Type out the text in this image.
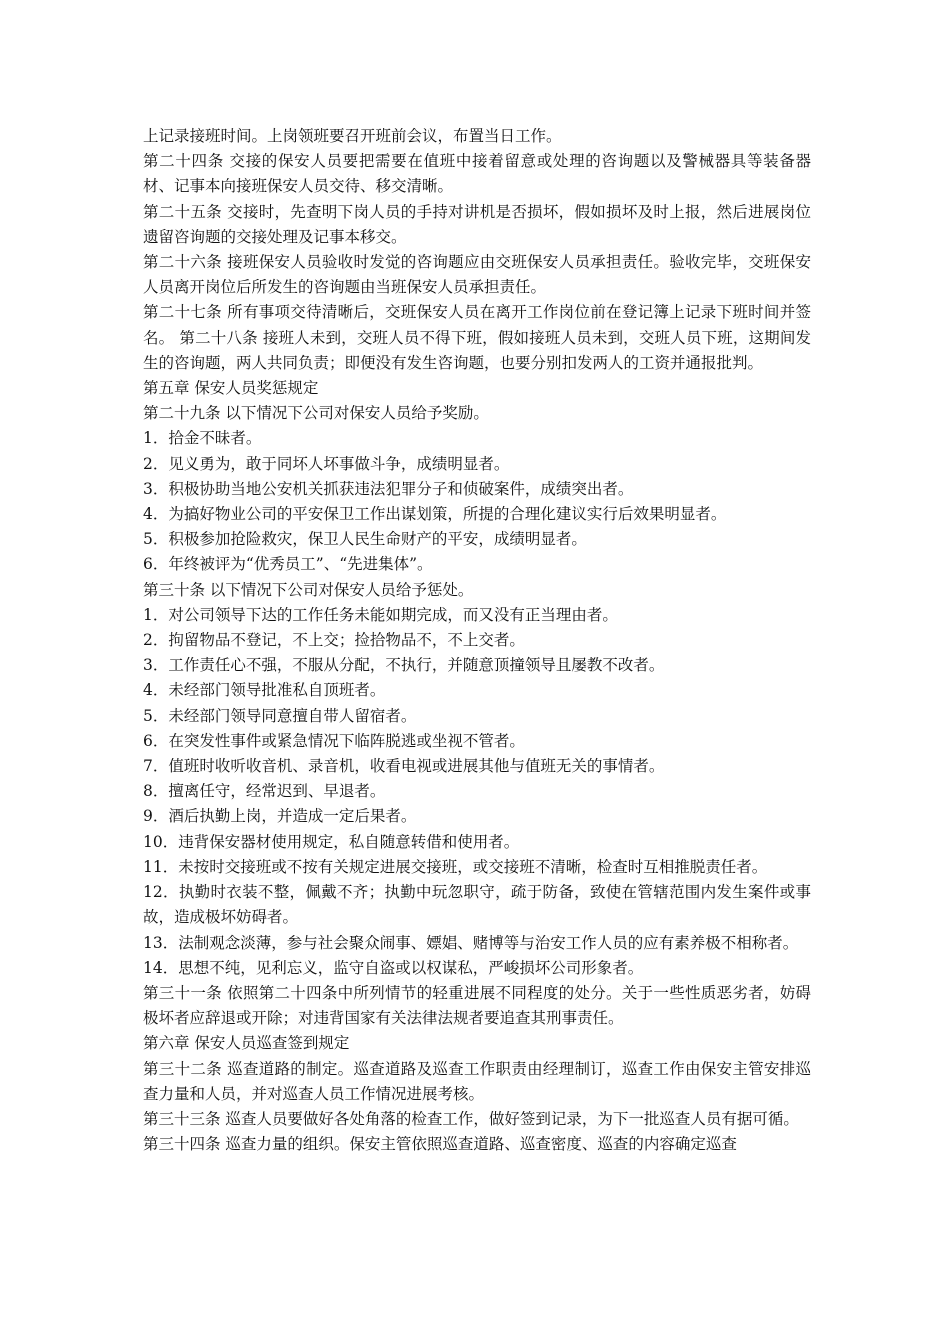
上记录接班时间。上岗领班要召开班前会议，布置当日工作。
第二十四条 交接的保安人员要把需要在值班中接着留意或处理的咨询题以及警械器具等装备器材、记事本向接班保安人员交待、移交清晰。
第二十五条 交接时，先查明下岗人员的手持对讲机是否损坏，假如损坏及时上报，然后进展岗位遗留咨询题的交接处理及记事本移交。
第二十六条 接班保安人员验收时发觉的咨询题应由交班保安人员承担责任。验收完毕，交班保安人员离开岗位后所发生的咨询题由当班保安人员承担责任。
第二十七条 所有事项交待清晰后，交班保安人员在离开工作岗位前在登记簿上记录下班时间并签名。 第二十八条 接班人未到，交班人员不得下班，假如接班人员未到，交班人员下班，这期间发生的咨询题，两人共同负责；即便没有发生咨询题，也要分别扣发两人的工资并通报批判。
第五章 保安人员奖惩规定
第二十九条 以下情况下公司对保安人员给予奖励。
1．拾金不昧者。
2．见义勇为，敢于同坏人坏事做斗争，成绩明显者。
3．积极协助当地公安机关抓获违法犯罪分子和侦破案件，成绩突出者。
4．为搞好物业公司的平安保卫工作出谋划策，所提的合理化建议实行后效果明显者。
5．积极参加抢险救灾，保卫人民生命财产的平安，成绩明显者。
6．年终被评为“优秀员工”、“先进集体”。
第三十条 以下情况下公司对保安人员给予惩处。
1．对公司领导下达的工作任务未能如期完成，而又没有正当理由者。
2．拘留物品不登记，不上交；捡拾物品不，不上交者。
3．工作责任心不强，不服从分配，不执行，并随意顶撞领导且屡教不改者。
4．未经部门领导批准私自顶班者。
5．未经部门领导同意擅自带人留宿者。
6．在突发性事件或紧急情况下临阵脱逃或坐视不管者。
7．值班时收听收音机、录音机，收看电视或进展其他与值班无关的事情者。
8．擅离任守，经常迟到、早退者。
9．酒后执勤上岗，并造成一定后果者。
10．违背保安器材使用规定，私自随意转借和使用者。
11．未按时交接班或不按有关规定进展交接班，或交接班不清晰，检查时互相推脱责任者。
12．执勤时衣装不整，佩戴不齐；执勤中玩忽职守，疏于防备，致使在管辖范围内发生案件或事故，造成极坏妨碍者。
13．法制观念淡薄，参与社会聚众闹事、嫖娼、赌博等与治安工作人员的应有素养极不相称者。
14．思想不纯，见利忘义，监守自盗或以权谋私，严峻损坏公司形象者。
第三十一条 依照第二十四条中所列情节的轻重进展不同程度的处分。关于一些性质恶劣者，妨碍极坏者应辞退或开除；对违背国家有关法律法规者要追查其刑事责任。
第六章 保安人员巡查签到规定
第三十二条 巡查道路的制定。巡查道路及巡查工作职责由经理制订，巡查工作由保安主管安排巡查力量和人员，并对巡查人员工作情况进展考核。
第三十三条 巡查人员要做好各处角落的检查工作，做好签到记录，为下一批巡查人员有据可循。
第三十四条 巡查力量的组织。保安主管依照巡查道路、巡查密度、巡查的内容确定巡查
